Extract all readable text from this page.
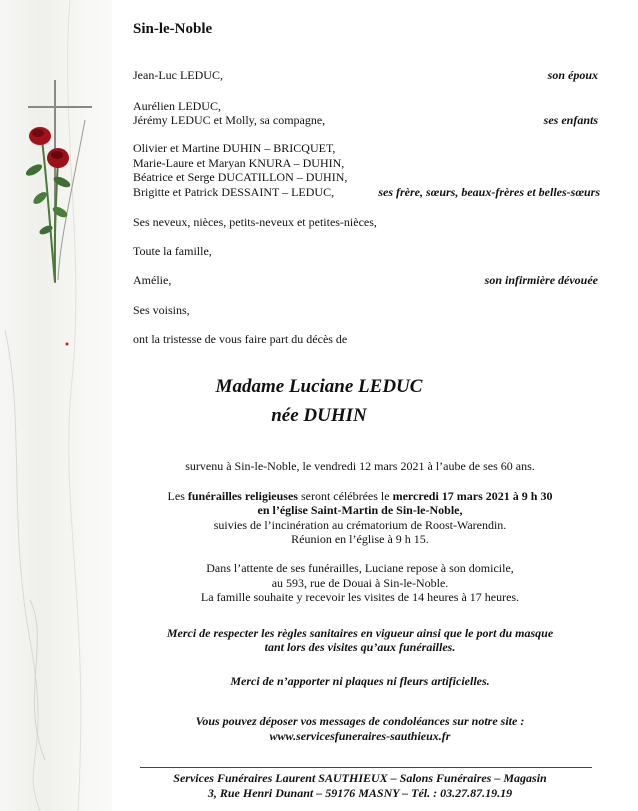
Sin-le-Noble
Jean-Luc LEDUC,	son époux
Aurélien LEDUC,
Jérémy LEDUC et Molly, sa compagne,	ses enfants
Olivier et Martine DUHIN – BRICQUET,
Marie-Laure et Maryan KNURA – DUHIN,
Béatrice et Serge DUCATILLON – DUHIN,
Brigitte et Patrick DESSAINT – LEDUC,	ses frère, sœurs, beaux-frères et belles-sœurs
Ses neveux, nièces, petits-neveux et petites-nièces,
Toute la famille,
Amélie,	son infirmière dévouée
Ses voisins,
ont la tristesse de vous faire part du décès de
Madame Luciane LEDUC
née DUHIN
survenu à Sin-le-Noble, le vendredi 12 mars 2021 à l’aube de ses 60 ans.
Les funérailles religieuses seront célébrées le mercredi 17 mars 2021 à 9 h 30
en l’église Saint-Martin de Sin-le-Noble,
suivies de l’incinération au crématorium de Roost-Warendin.
Réunion en l’église à 9 h 15.
Dans l’attente de ses funérailles, Luciane repose à son domicile,
au 593, rue de Douai à Sin-le-Noble.
La famille souhaite y recevoir les visites de 14 heures à 17 heures.
Merci de respecter les règles sanitaires en vigueur ainsi que le port du masque
tant lors des visites qu’aux funérailles.
Merci de n’apporter ni plaques ni fleurs artificielles.
Vous pouvez déposer vos messages de condoléances sur notre site :
www.servicesfuneraires-sauthieux.fr
Services Funéraires Laurent SAUTHIEUX – Salons Funéraires – Magasin
3, Rue Henri Dunant – 59176 MASNY – Tél. : 03.27.87.19.19
